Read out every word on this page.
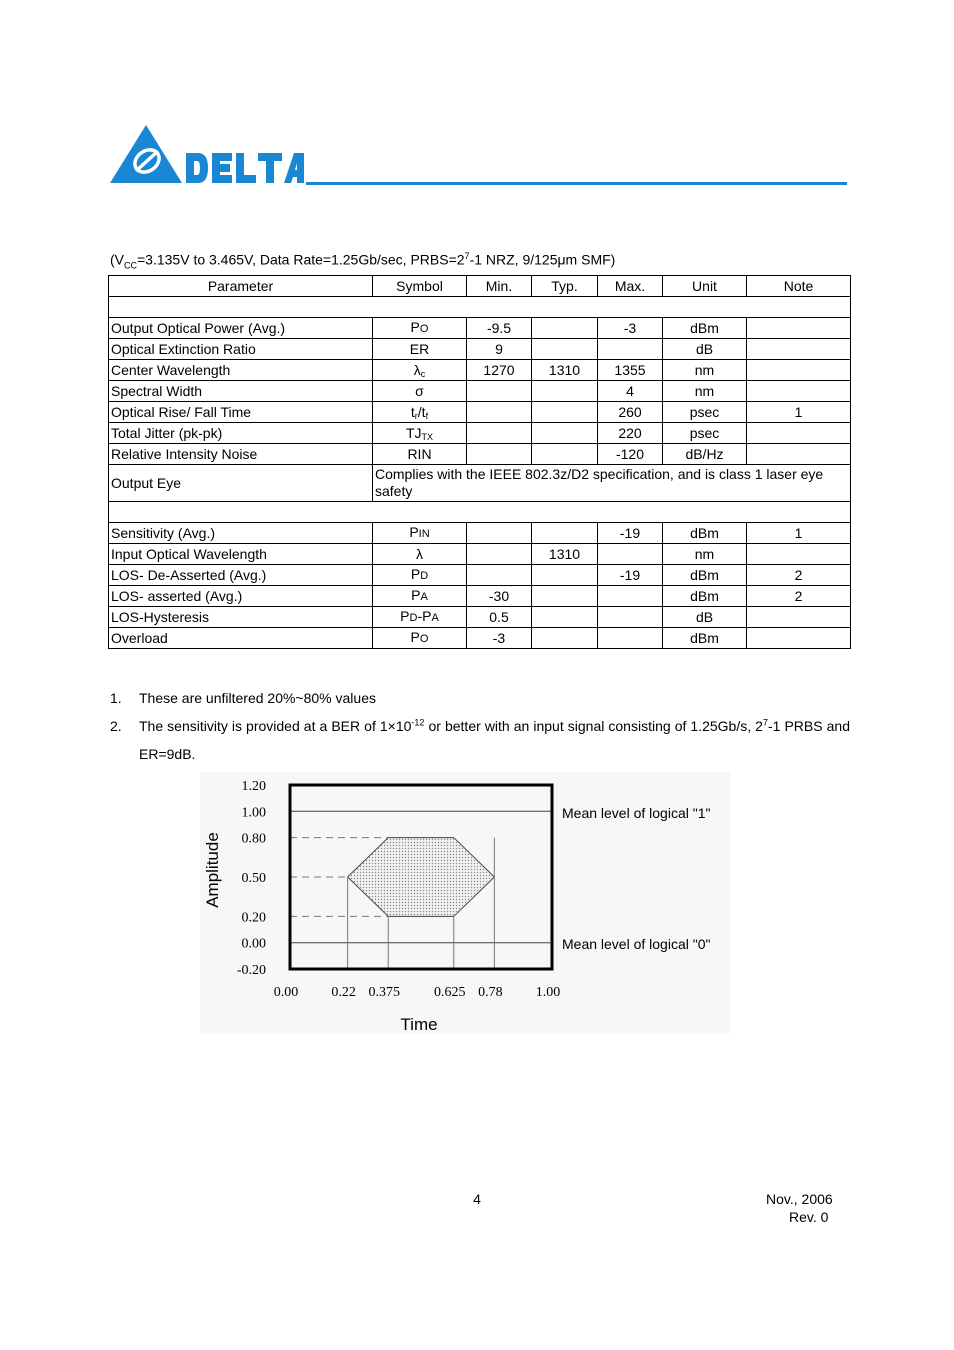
($V_{CC}=3.135V$ to 3.465V, Data Rate=1.25Gb/sec, $PRBS=2^7-1$ NRZ, 9/125μm SMF)
Parameter	Symbol	Min.	Typ.	Max.	Unit	Note

Output Optical Power (Avg.)	PO	-9.5		-3	dBm	
Optical Extinction Ratio	ER	9			dB	
Center Wavelength	$\lambda_c$	1270	1310	1355	nm	
Spectral Width	σ			4	nm	
Optical Rise/ Fall Time	$t_r/t_f$			260	psec	1
Total Jitter (pk-pk)	$TJ_{TX}$			220	psec	
Relative Intensity Noise	RIN			-120	dB/Hz	
Output Eye	Complies with the IEEE 802.3z/D2 specification, and is class 1 laser eye safety					

Sensitivity (Avg.)	PIN			-19	dBm	1
Input Optical Wavelength	λ		1310		nm	
LOS- De-Asserted (Avg.)	PD			-19	dBm	2
LOS- asserted (Avg.)	PA	-30			dBm	2
LOS-Hysteresis	PD-PA	0.5			dB	
Overload	PO	-3			dBm	
1. These are unfiltered 20%~80% values
2. The sensitivity is provided at a BER of $1\times 10^{-12}$ or better with an input signal consisting of 1.25Gb/s, $2^7-1$ PRBS and ER=9dB.
1.20
1.00
0.80
0.50
0.20
0.00
-0.20
0.00 0.22 0.375 0.625 0.78 1.00
Amplitude
Time
Mean level of logical "1"
Mean level of logical "0"
4	Nov., 2006
Rev. 0
